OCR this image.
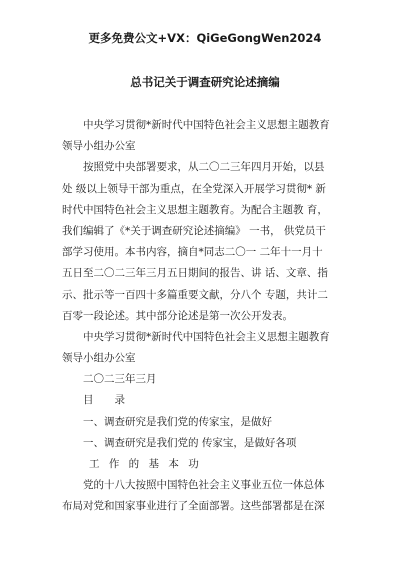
更多免费公文+VX：QiGeGongWen2024
总书记关于调查研究论述摘编
　　中央学习贯彻*新时代中国特色社会主义思想主题教育
领导小组办公室
　　按照党中央部署要求，从二〇二三年四月开始，以县
处 级以上领导干部为重点，在全党深入开展学习贯彻* 新
时代中国特色社会主义思想主题教育。为配合主题教 育，
我们编辑了《*关于调查研究论述摘编》 一书， 供党员干
部学习使用。本书内容，摘自*同志二〇一 二年十一月十
五日至二〇二三年三月五日期间的报告、讲 话、文章、指
示、批示等一百四十多篇重要文献，分八个 专题，共计二
百零一段论述。其中部分论述是第一次公开发表。
　　中央学习贯彻*新时代中国特色社会主义思想主题教育
领导小组办公室
　　二〇二三年三月
　　目　　录
　　一、调查研究是我们党的传家宝，是做好
　　一、调查研究是我们党的 传家宝，是做好各项
　　工 作 的 基 本 功
　　党的十八大按照中国特色社会主义事业五位一体总体
布局对党和国家事业进行了全面部署。这些部署都是在深
